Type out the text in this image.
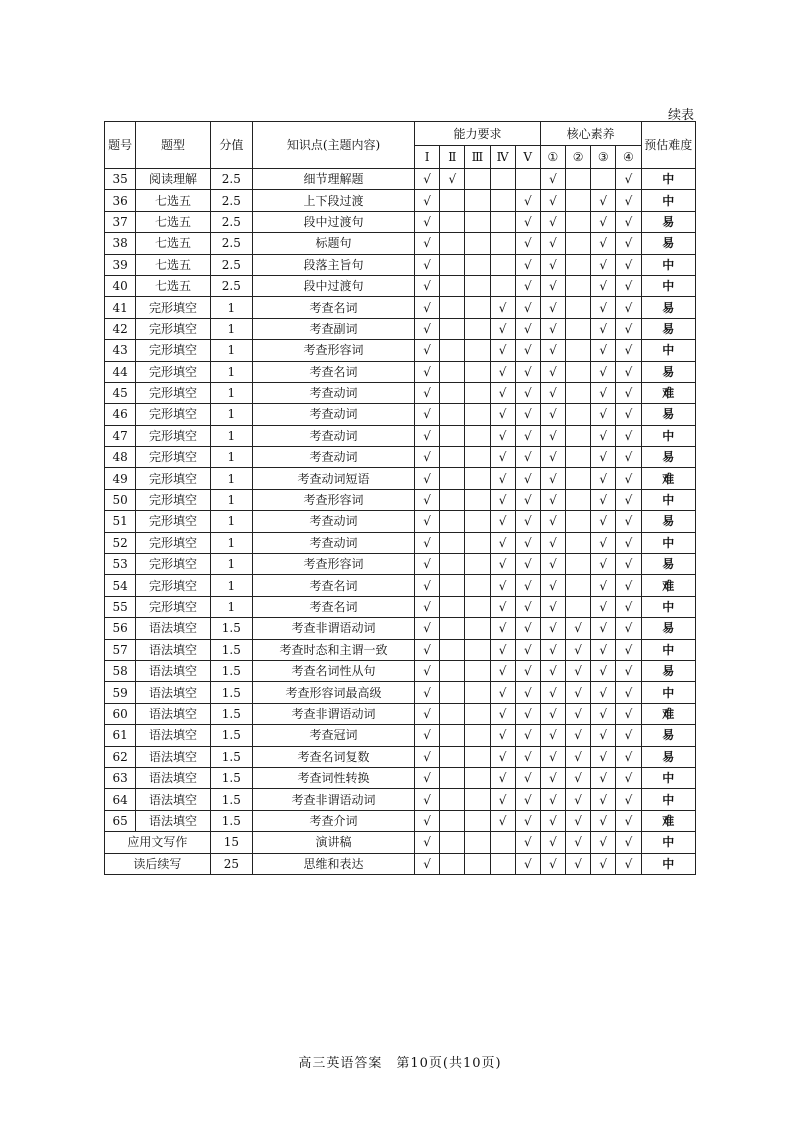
续表
题号	题型	分值	知识点(主题内容)	能力要求					核心素养				预估难度
				Ⅰ	Ⅱ	Ⅲ	Ⅳ	Ⅴ	①	②	③	④	
35	阅读理解	2.5	细节理解题	√	√				√			√	中
36	七选五	2.5	上下段过渡	√				√	√		√	√	中
37	七选五	2.5	段中过渡句	√				√	√		√	√	易
38	七选五	2.5	标题句	√				√	√		√	√	易
39	七选五	2.5	段落主旨句	√				√	√		√	√	中
40	七选五	2.5	段中过渡句	√				√	√		√	√	中
41	完形填空	1	考查名词	√			√	√	√		√	√	易
42	完形填空	1	考查副词	√			√	√	√		√	√	易
43	完形填空	1	考查形容词	√			√	√	√		√	√	中
44	完形填空	1	考查名词	√			√	√	√		√	√	易
45	完形填空	1	考查动词	√			√	√	√		√	√	难
46	完形填空	1	考查动词	√			√	√	√		√	√	易
47	完形填空	1	考查动词	√			√	√	√		√	√	中
48	完形填空	1	考查动词	√			√	√	√		√	√	易
49	完形填空	1	考查动词短语	√			√	√	√		√	√	难
50	完形填空	1	考查形容词	√			√	√	√		√	√	中
51	完形填空	1	考查动词	√			√	√	√		√	√	易
52	完形填空	1	考查动词	√			√	√	√		√	√	中
53	完形填空	1	考查形容词	√			√	√	√		√	√	易
54	完形填空	1	考查名词	√			√	√	√		√	√	难
55	完形填空	1	考查名词	√			√	√	√		√	√	中
56	语法填空	1.5	考查非谓语动词	√			√	√	√	√	√	√	易
57	语法填空	1.5	考查时态和主谓一致	√			√	√	√	√	√	√	中
58	语法填空	1.5	考查名词性从句	√			√	√	√	√	√	√	易
59	语法填空	1.5	考查形容词最高级	√			√	√	√	√	√	√	中
60	语法填空	1.5	考查非谓语动词	√			√	√	√	√	√	√	难
61	语法填空	1.5	考查冠词	√			√	√	√	√	√	√	易
62	语法填空	1.5	考查名词复数	√			√	√	√	√	√	√	易
63	语法填空	1.5	考查词性转换	√			√	√	√	√	√	√	中
64	语法填空	1.5	考查非谓语动词	√			√	√	√	√	√	√	中
65	语法填空	1.5	考查介词	√			√	√	√	√	√	√	难
应用文写作		15	演讲稿	√				√	√	√	√	√	中
读后续写		25	思维和表达	√				√	√	√	√	√	中
高三英语答案　第10页(共10页)
